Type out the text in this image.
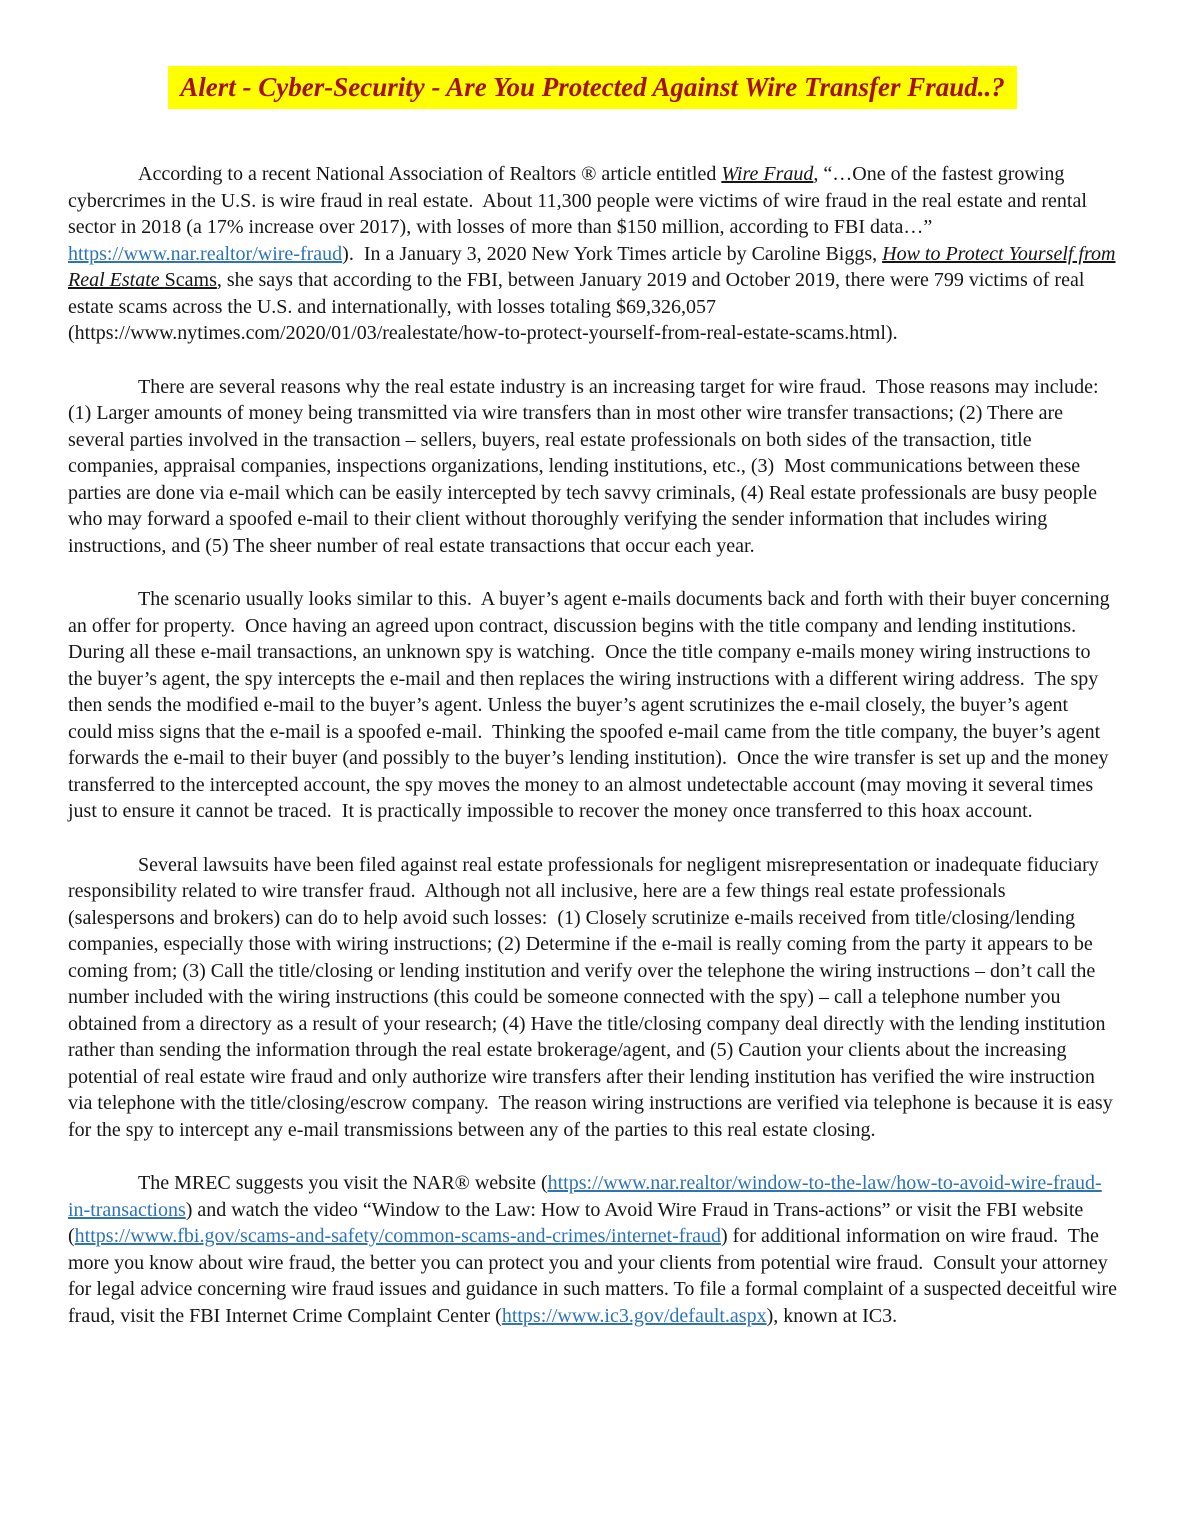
Alert - Cyber-Security - Are You Protected Against Wire Transfer Fraud..?

According to a recent National Association of Realtors ® article entitled Wire Fraud, “…One of the fastest growing cybercrimes in the U.S. is wire fraud in real estate.  About 11,300 people were victims of wire fraud in the real estate and rental sector in 2018 (a 17% increase over 2017), with losses of more than $150 million, according to FBI data…” https://www.nar.realtor/wire-fraud).  In a January 3, 2020 New York Times article by Caroline Biggs, How to Protect Yourself from Real Estate Scams, she says that according to the FBI, between January 2019 and October 2019, there were 799 victims of real estate scams across the U.S. and internationally, with losses totaling $69,326,057 (https://www.nytimes.com/2020/01/03/realestate/how-to-protect-yourself-from-real-estate-scams.html).

There are several reasons why the real estate industry is an increasing target for wire fraud.  Those reasons may include: (1) Larger amounts of money being transmitted via wire transfers than in most other wire transfer transactions; (2) There are several parties involved in the transaction – sellers, buyers, real estate professionals on both sides of the transaction, title companies, appraisal companies, inspections organizations, lending institutions, etc., (3)  Most communications between these parties are done via e-mail which can be easily intercepted by tech savvy criminals, (4) Real estate professionals are busy people who may forward a spoofed e-mail to their client without thoroughly verifying the sender information that includes wiring instructions, and (5) The sheer number of real estate transactions that occur each year.

The scenario usually looks similar to this.  A buyer’s agent e-mails documents back and forth with their buyer concerning an offer for property.  Once having an agreed upon contract, discussion begins with the title company and lending institutions.  During all these e-mail transactions, an unknown spy is watching.  Once the title company e-mails money wiring instructions to the buyer’s agent, the spy intercepts the e-mail and then replaces the wiring instructions with a different wiring address.  The spy then sends the modified e-mail to the buyer’s agent. Unless the buyer’s agent scrutinizes the e-mail closely, the buyer’s agent could miss signs that the e-mail is a spoofed e-mail.  Thinking the spoofed e-mail came from the title company, the buyer’s agent forwards the e-mail to their buyer (and possibly to the buyer’s lending institution).  Once the wire transfer is set up and the money transferred to the intercepted account, the spy moves the money to an almost undetectable account (may moving it several times just to ensure it cannot be traced.  It is practically impossible to recover the money once transferred to this hoax account.

Several lawsuits have been filed against real estate professionals for negligent misrepresentation or inadequate fiduciary responsibility related to wire transfer fraud.  Although not all inclusive, here are a few things real estate professionals (salespersons and brokers) can do to help avoid such losses:  (1) Closely scrutinize e-mails received from title/closing/lending companies, especially those with wiring instructions; (2) Determine if the e-mail is really coming from the party it appears to be coming from; (3) Call the title/closing or lending institution and verify over the telephone the wiring instructions – don’t call the number included with the wiring instructions (this could be someone connected with the spy) – call a telephone number you obtained from a directory as a result of your research; (4) Have the title/closing company deal directly with the lending institution rather than sending the information through the real estate brokerage/agent, and (5) Caution your clients about the increasing potential of real estate wire fraud and only authorize wire transfers after their lending institution has verified the wire instruction via telephone with the title/closing/escrow company.  The reason wiring instructions are verified via telephone is because it is easy for the spy to intercept any e-mail transmissions between any of the parties to this real estate closing.

The MREC suggests you visit the NAR® website (https://www.nar.realtor/window-to-the-law/how-to-avoid-wire-fraud-in-transactions) and watch the video “Window to the Law: How to Avoid Wire Fraud in Trans-actions” or visit the FBI website (https://www.fbi.gov/scams-and-safety/common-scams-and-crimes/internet-fraud) for additional information on wire fraud.  The more you know about wire fraud, the better you can protect you and your clients from potential wire fraud.  Consult your attorney for legal advice concerning wire fraud issues and guidance in such matters. To file a formal complaint of a suspected deceitful wire fraud, visit the FBI Internet Crime Complaint Center (https://www.ic3.gov/default.aspx), known at IC3.
